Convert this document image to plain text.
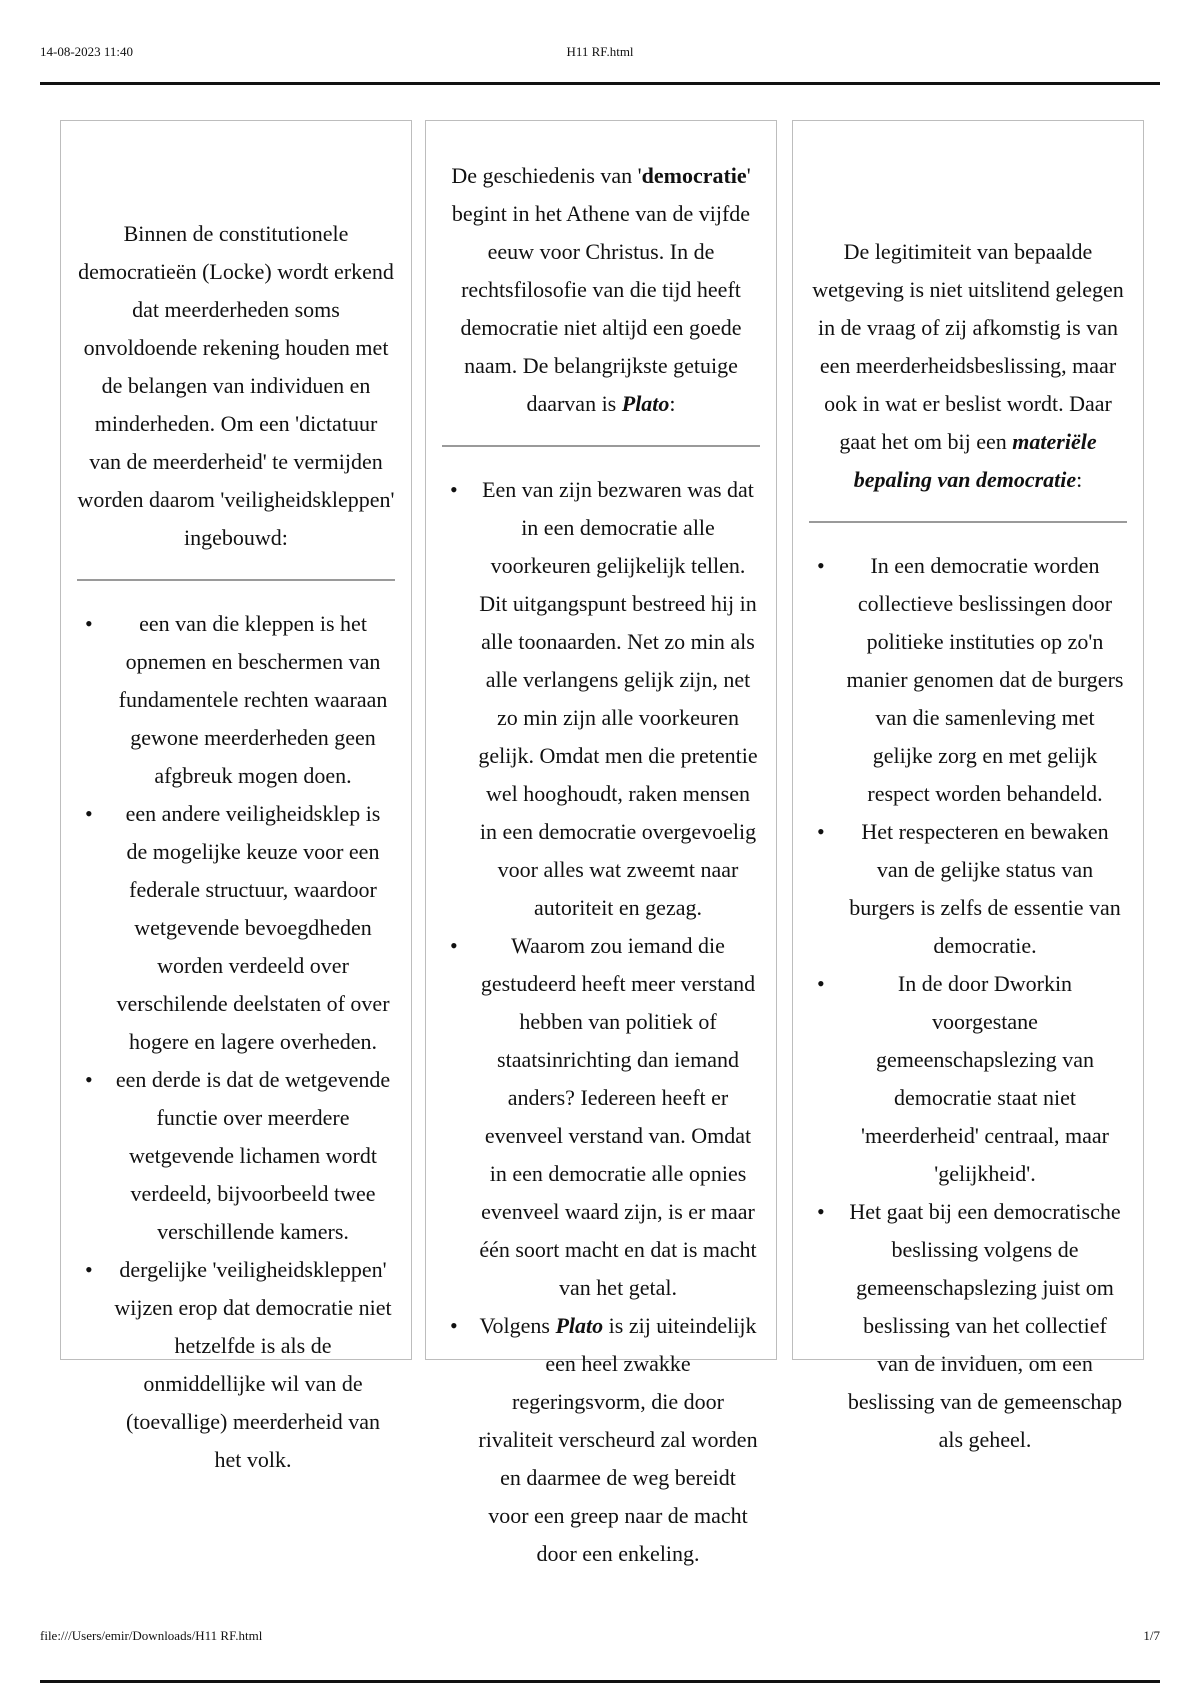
14-08-2023 11:40	H11 RF.html
Binnen de constitutionele democratieën (Locke) wordt erkend dat meerderheden soms onvoldoende rekening houden met de belangen van individuen en minderheden. Om een 'dictatuur van de meerderheid' te vermijden worden daarom 'veiligheidskleppen' ingebouwd:
• een van die kleppen is het opnemen en beschermen van fundamentele rechten waaraan gewone meerderheden geen afgbreuk mogen doen.
• een andere veiligheidsklep is de mogelijke keuze voor een federale structuur, waardoor wetgevende bevoegdheden worden verdeeld over verschilende deelstaten of over hogere en lagere overheden.
• een derde is dat de wetgevende functie over meerdere wetgevende lichamen wordt verdeeld, bijvoorbeeld twee verschillende kamers.
• dergelijke 'veiligheidskleppen' wijzen erop dat democratie niet hetzelfde is als de onmiddellijke wil van de (toevallige) meerderheid van het volk.
De geschiedenis van 'democratie' begint in het Athene van de vijfde eeuw voor Christus. In de rechtsfilosofie van die tijd heeft democratie niet altijd een goede naam. De belangrijkste getuige daarvan is Plato:
• Een van zijn bezwaren was dat in een democratie alle voorkeuren gelijkelijk tellen. Dit uitgangspunt bestreed hij in alle toonaarden. Net zo min als alle verlangens gelijk zijn, net zo min zijn alle voorkeuren gelijk. Omdat men die pretentie wel hooghoudt, raken mensen in een democratie overgevoelig voor alles wat zweemt naar autoriteit en gezag.
• Waarom zou iemand die gestudeerd heeft meer verstand hebben van politiek of staatsinrichting dan iemand anders? Iedereen heeft er evenveel verstand van. Omdat in een democratie alle opnies evenveel waard zijn, is er maar één soort macht en dat is macht van het getal.
• Volgens Plato is zij uiteindelijk een heel zwakke regeringsvorm, die door rivaliteit verscheurd zal worden en daarmee de weg bereidt voor een greep naar de macht door een enkeling.
De legitimiteit van bepaalde wetgeving is niet uitslitend gelegen in de vraag of zij afkomstig is van een meerderheidsbeslissing, maar ook in wat er beslist wordt. Daar gaat het om bij een materiële bepaling van democratie:
• In een democratie worden collectieve beslissingen door politieke instituties op zo'n manier genomen dat de burgers van die samenleving met gelijke zorg en met gelijk respect worden behandeld.
• Het respecteren en bewaken van de gelijke status van burgers is zelfs de essentie van democratie.
•	In de door Dworkin voorgestane gemeenschapslezing van democratie staat niet 'meerderheid' centraal, maar 'gelijkheid'.
• Het gaat bij een democratische beslissing volgens de gemeenschapslezing juist om beslissing van het collectief van de inviduen, om een beslissing van de gemeenschap als geheel.
file:///Users/emir/Downloads/H11 RF.html	1/7
